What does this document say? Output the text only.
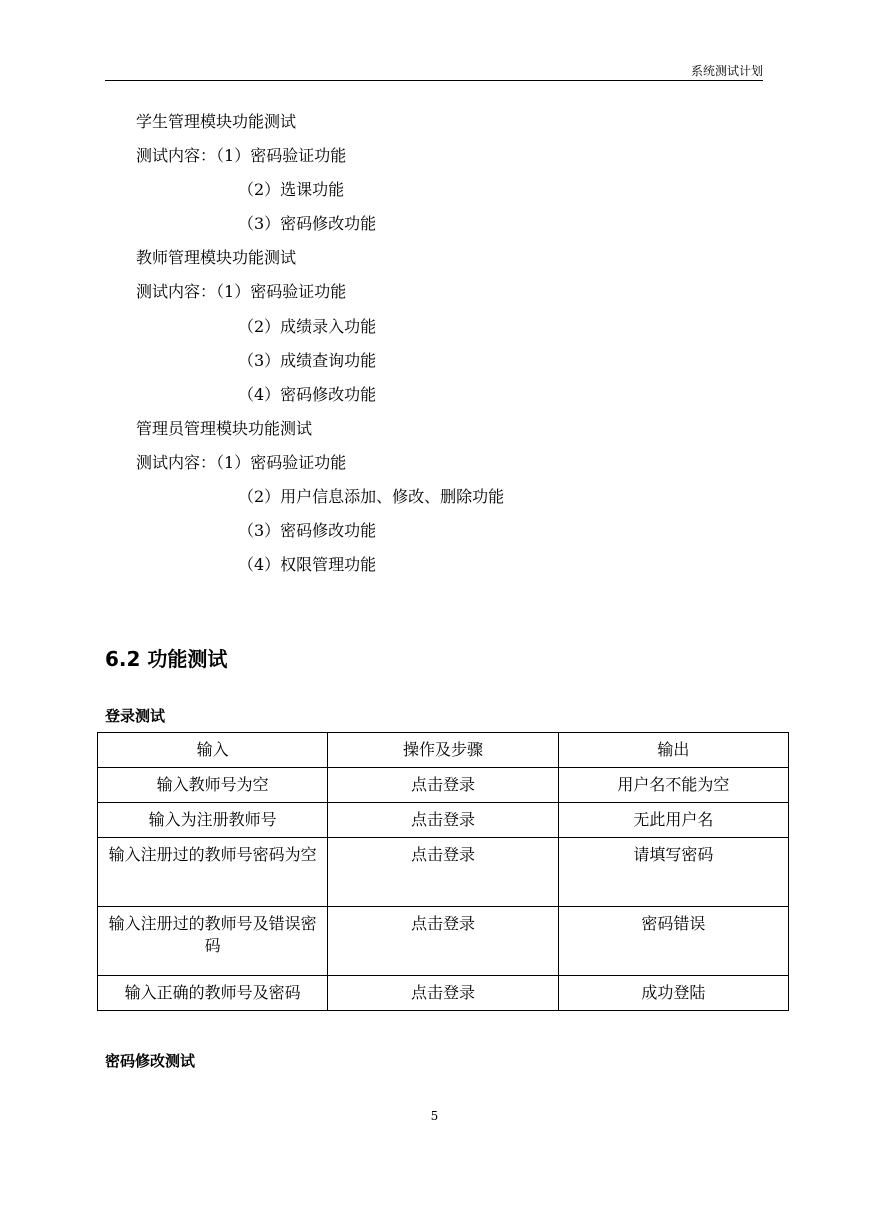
系统测试计划
学生管理模块功能测试
测试内容：（1）密码验证功能
（2）选课功能
（3）密码修改功能
教师管理模块功能测试
测试内容：（1）密码验证功能
（2）成绩录入功能
（3）成绩查询功能
（4）密码修改功能
管理员管理模块功能测试
测试内容：（1）密码验证功能
（2）用户信息添加、修改、删除功能
（3）密码修改功能
（4）权限管理功能
6.2 功能测试
登录测试
输入	操作及步骤	输出
输入教师号为空	点击登录	用户名不能为空
输入为注册教师号	点击登录	无此用户名
输入注册过的教师号密码为空	点击登录	请填写密码
输入注册过的教师号及错误密码	点击登录	密码错误
输入正确的教师号及密码	点击登录	成功登陆
密码修改测试
5
